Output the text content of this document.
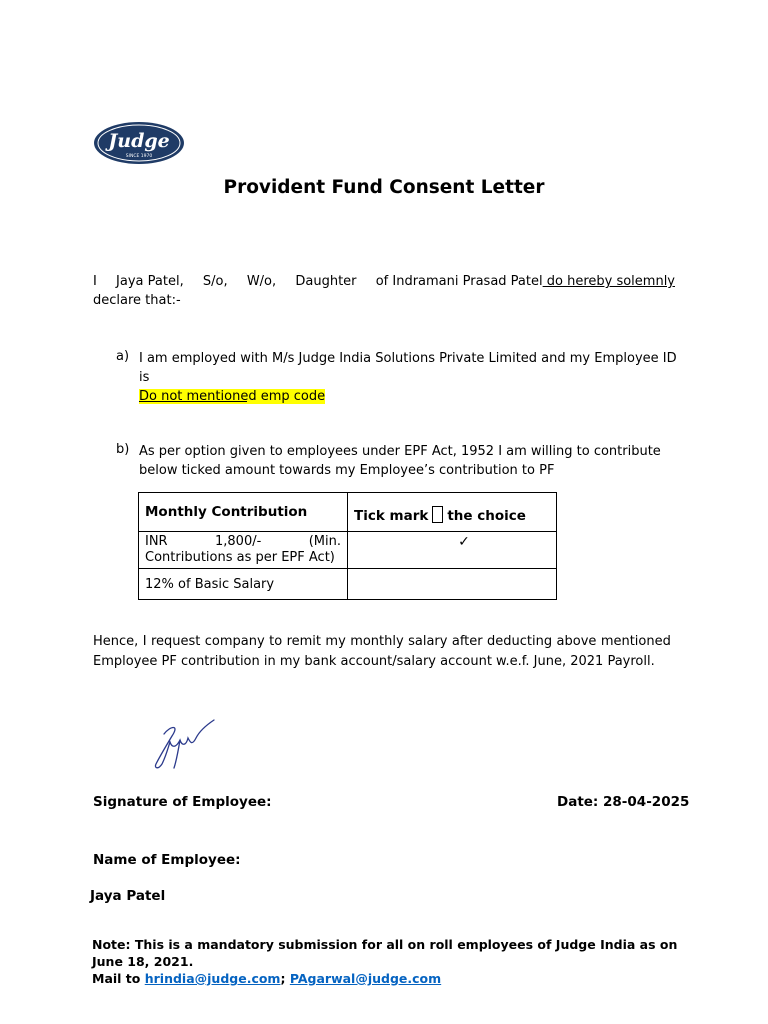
Judge
SINCE 1970
Provident Fund Consent Letter
I Jaya Patel, S/o, W/o, Daughter of Indramani Prasad Patel do hereby solemnly
declare that:-
a) I am employed with M/s Judge India Solutions Private Limited and my Employee ID is
Do not mentioned emp code
b) As per option given to employees under EPF Act, 1952 I am willing to contribute
below ticked amount towards my Employee’s contribution to PF
Monthly Contribution	Tick mark the choice

INR 1,800/- (Min.
Contributions as per EPF Act)	✓
12% of Basic Salary	
Hence, I request company to remit my monthly salary after deducting above mentioned
Employee PF contribution in my bank account/salary account w.e.f. June, 2021 Payroll.
Signature of Employee:	Date: 28-04-2025
Name of Employee:
Jaya Patel
Note: This is a mandatory submission for all on roll employees of Judge India as on June 18, 2021.
Mail to hrindia@judge.com; PAgarwal@judge.com
